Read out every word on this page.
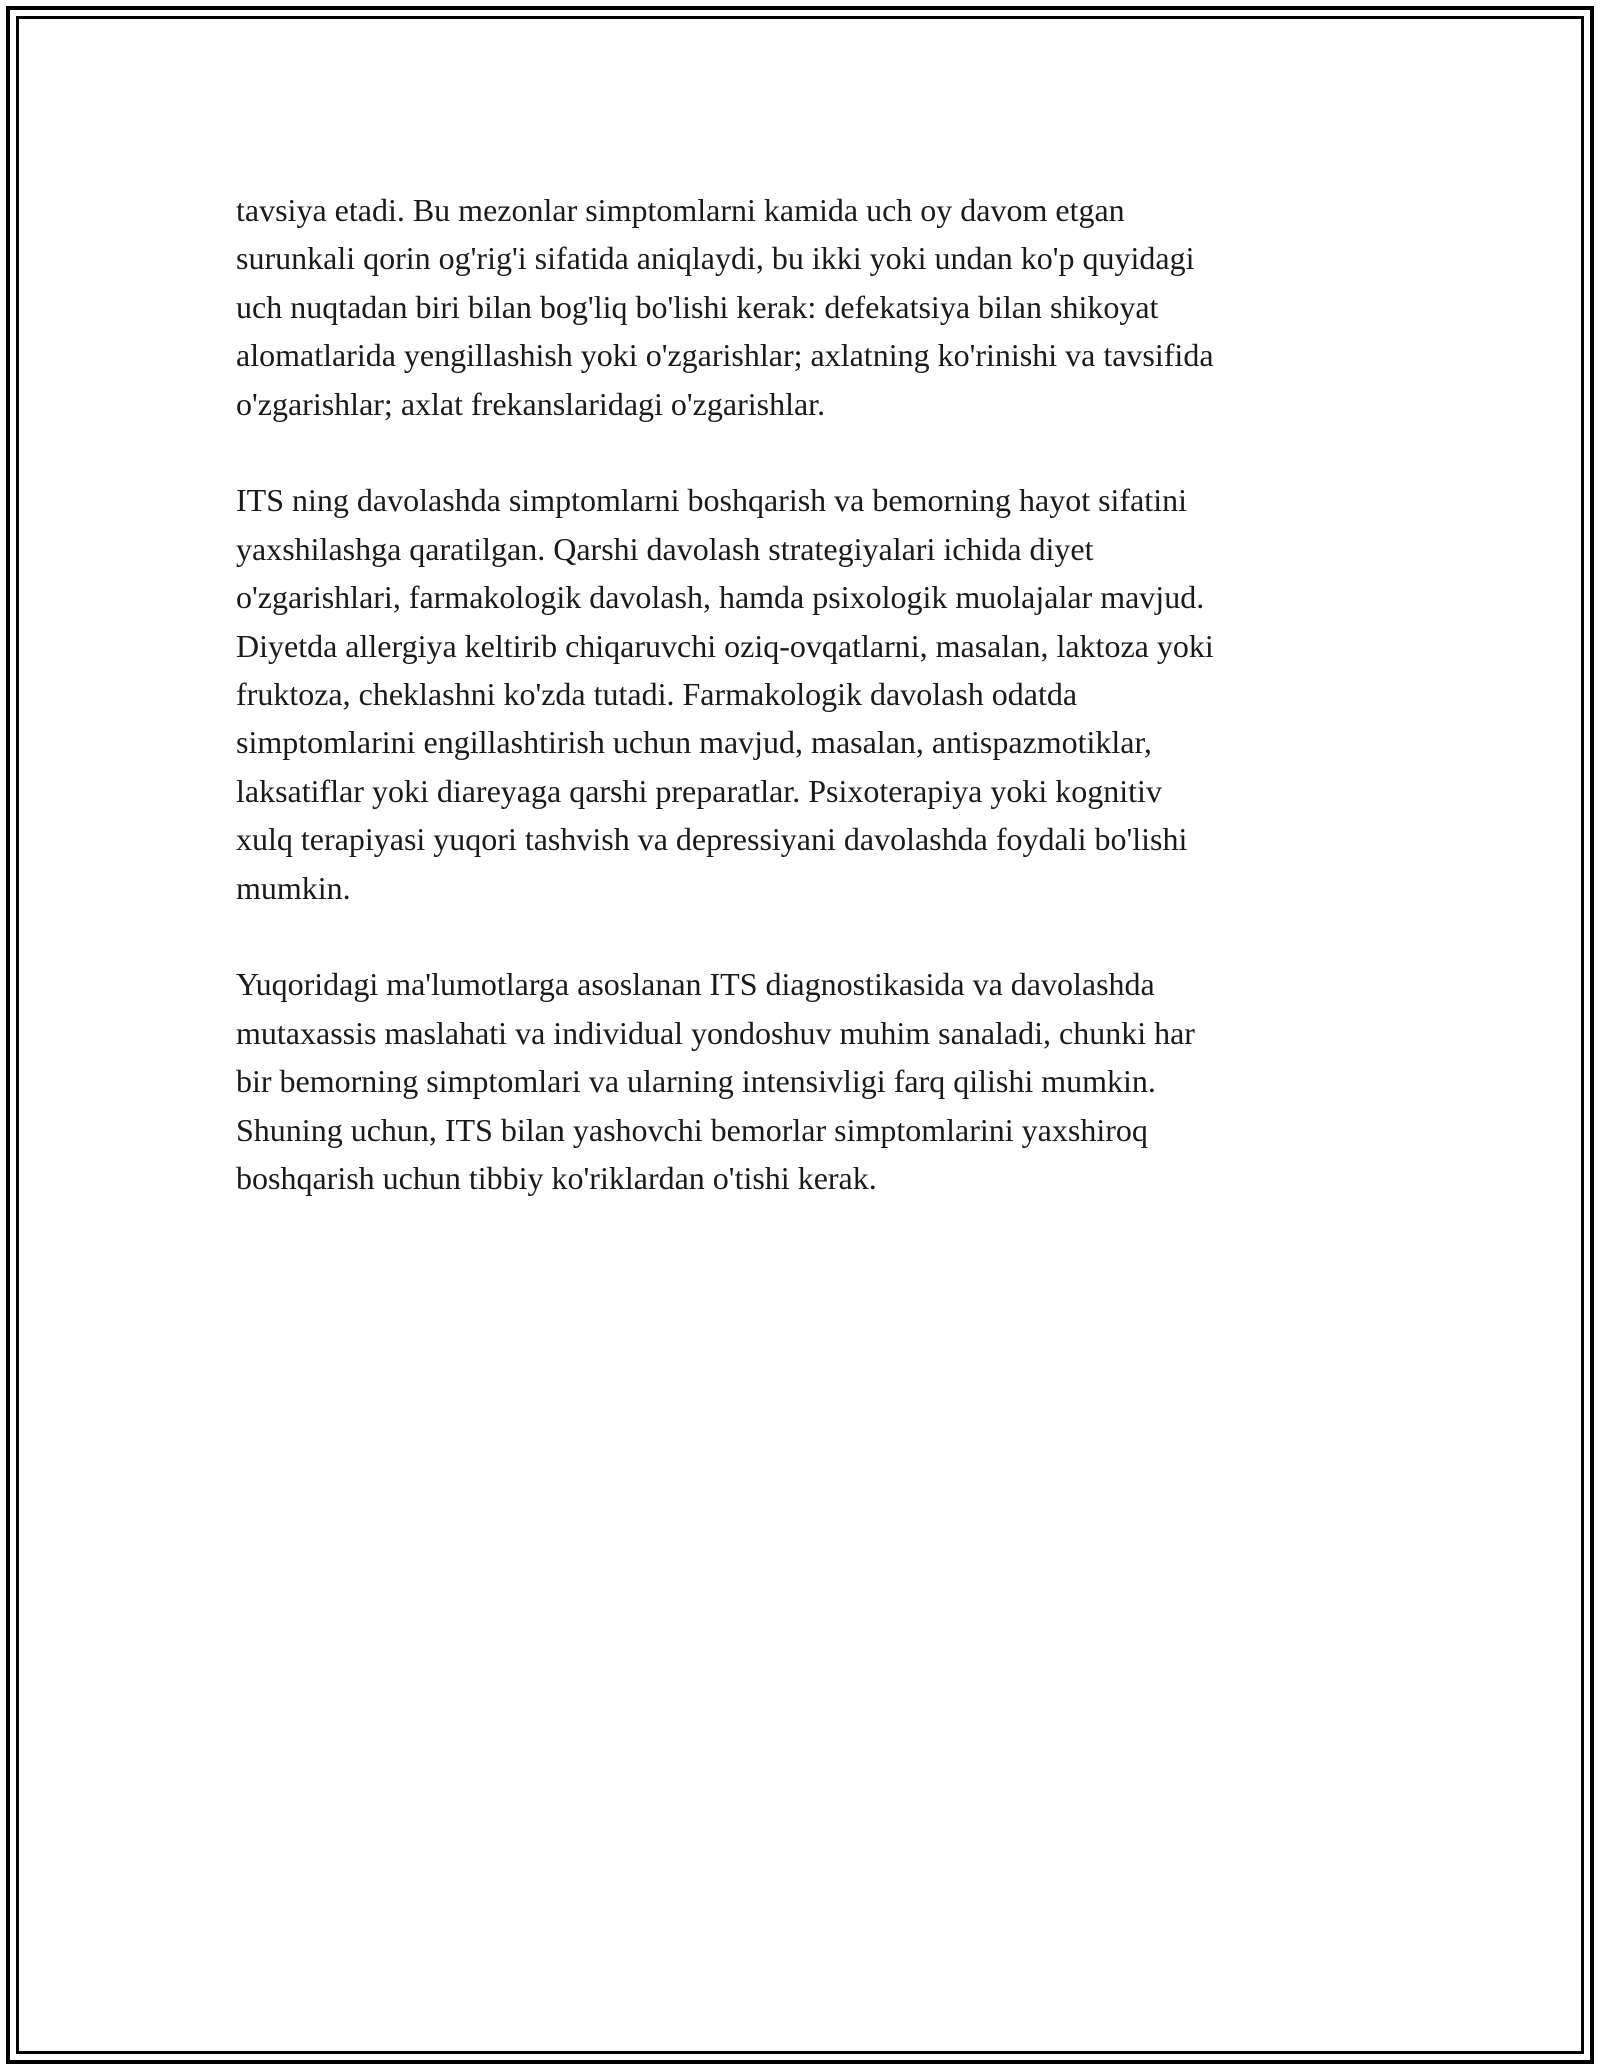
tavsiya etadi. Bu mezonlar simptomlarni kamida uch oy davom etgan
surunkali qorin og'rig'i sifatida aniqlaydi, bu ikki yoki undan ko'p quyidagi
uch nuqtadan biri bilan bog'liq bo'lishi kerak: defekatsiya bilan shikoyat
alomatlarida yengillashish yoki o'zgarishlar; axlatning ko'rinishi va tavsifida
o'zgarishlar; axlat frekanslaridagi o'zgarishlar.

ITS ning davolashda simptomlarni boshqarish va bemorning hayot sifatini
yaxshilashga qaratilgan. Qarshi davolash strategiyalari ichida diyet
o'zgarishlari, farmakologik davolash, hamda psixologik muolajalar mavjud.
Diyetda allergiya keltirib chiqaruvchi oziq-ovqatlarni, masalan, laktoza yoki
fruktoza, cheklashni ko'zda tutadi. Farmakologik davolash odatda
simptomlarini engillashtirish uchun mavjud, masalan, antispazmotiklar,
laksatiflar yoki diareyaga qarshi preparatlar. Psixoterapiya yoki kognitiv
xulq terapiyasi yuqori tashvish va depressiyani davolashda foydali bo'lishi
mumkin.

Yuqoridagi ma'lumotlarga asoslanan ITS diagnostikasida va davolashda
mutaxassis maslahati va individual yondoshuv muhim sanaladi, chunki har
bir bemorning simptomlari va ularning intensivligi farq qilishi mumkin.
Shuning uchun, ITS bilan yashovchi bemorlar simptomlarini yaxshiroq
boshqarish uchun tibbiy ko'riklardan o'tishi kerak.
